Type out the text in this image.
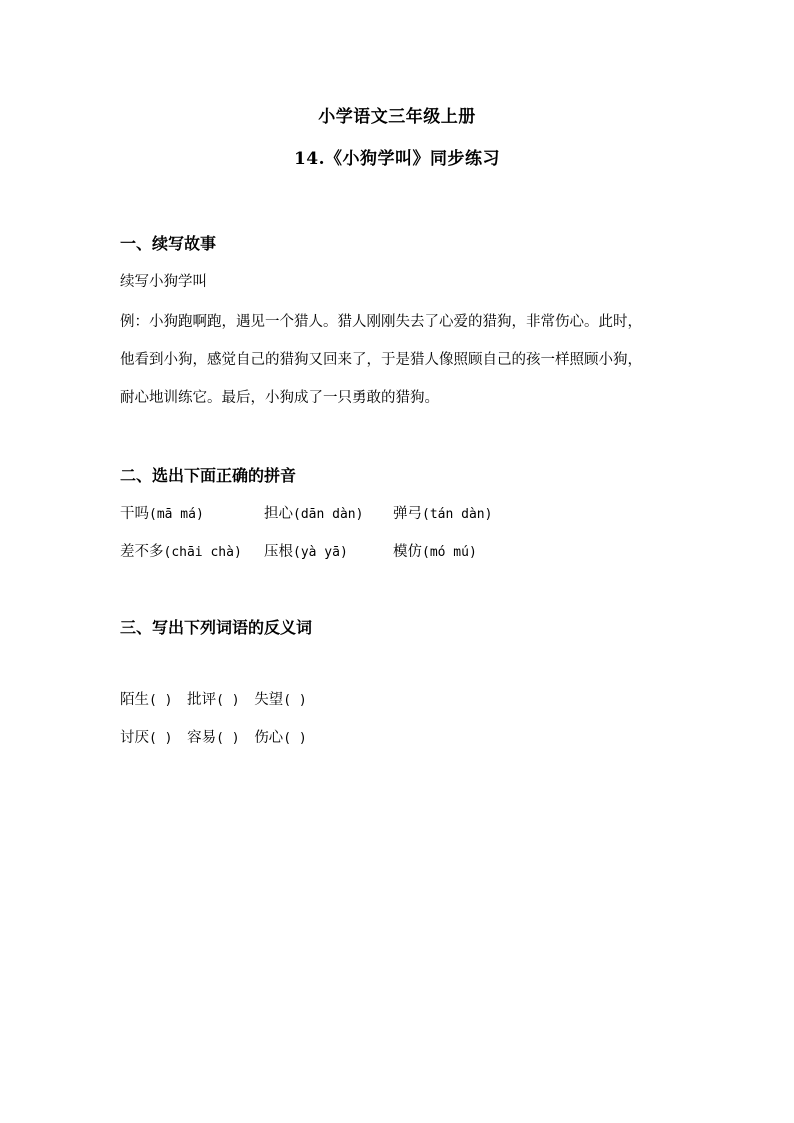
小学语文三年级上册
14.《小狗学叫》同步练习
一、续写故事
续写小狗学叫
例：小狗跑啊跑，遇见一个猎人。猎人刚刚失去了心爱的猎狗，非常伤心。此时，
他看到小狗，感觉自己的猎狗又回来了，于是猎人像照顾自己的孩一样照顾小狗，
耐心地训练它。最后，小狗成了一只勇敢的猎狗。
二、选出下面正确的拼音
干吗(mā má)	担心(dān dàn) 弹弓(tán dàn)
差不多(chāi chà) 压根(yà yā)	模仿(mó mú)
三、写出下列词语的反义词
陌生( ) 批评( ) 失望( )
讨厌( ) 容易( ) 伤心( )
